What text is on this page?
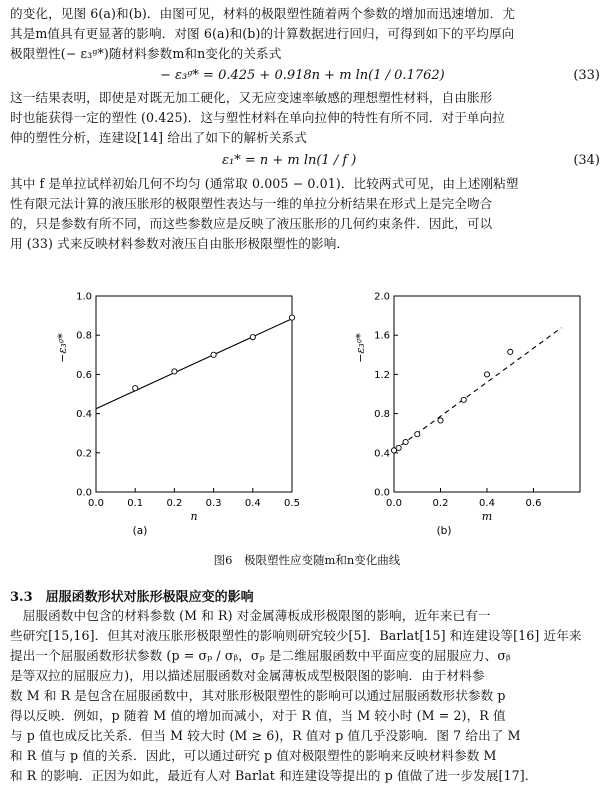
的变化，见图 6(a)和(b)．由图可见，材料的极限塑性随着两个参数的增加而迅速增加．尤
其是m值具有更显著的影响．对图 6(a)和(b)的计算数据进行回归，可得到如下的平均厚向
极限塑性(− ε₃ᵍ*)随材料参数m和n变化的关系式
− ε₃ᵍ* = 0.425 + 0.918n + m ln(1 / 0.1762)	(33)
这一结果表明，即使是对既无加工硬化，又无应变速率敏感的理想塑性材料，自由胀形
时也能获得一定的塑性 (0.425)．这与塑性材料在单向拉伸的特性有所不同．对于单向拉
伸的塑性分析，连建设[14] 给出了如下的解析关系式
ε₁* = n + m ln(1 / f )	(34)
其中 f 是单拉试样初始几何不均匀 (通常取 0.005 − 0.01)．比较两式可见，由上述刚粘塑
性有限元法计算的液压胀形的极限塑性表达与一维的单拉分析结果在形式上是完全吻合
的，只是参数有所不同，而这些参数应是反映了液压胀形的几何约束条件．因此，可以
用 (33) 式来反映材料参数对液压自由胀形极限塑性的影响．
0.0 0.1 0.2 0.3 0.4 0.5
0.0
0.2
0.4
0.6
0.8
1.0
n
−ε₃ᵍ*
(a)
0.0	0.2	0.4	0.6
0.0
0.4
0.8
1.2
1.6
2.0
m
−ε₃ᵍ*
(b)
图6　极限塑性应变随m和n变化曲线
3.3　屈服函数形状对胀形极限应变的影响
　屈服函数中包含的材料参数 (M 和 R) 对金属薄板成形极限图的影响，近年来已有一
些研究[15,16]．但其对液压胀形极限塑性的影响则研究较少[5]．Barlat[15] 和连建设等[16] 近年来
提出一个屈服函数形状参数 (p = σₚ / σᵦ，σₚ 是二维屈服函数中平面应变的屈服应力、σᵦ
是等双拉的屈服应力)，用以描述屈服函数对金属薄板成型极限图的影响．由于材料参
数 M 和 R 是包含在屈服函数中，其对胀形极限塑性的影响可以通过屈服函数形状参数 p
得以反映．例如，p 随着 M 值的增加而减小，对于 R 值，当 M 较小时 (M = 2)，R 值
与 p 值也成反比关系．但当 M 较大时 (M ≥ 6)，R 值对 p 值几乎没影响．图 7 给出了 M
和 R 值与 p 值的关系．因此，可以通过研究 p 值对极限塑性的影响来反映材料参数 M
和 R 的影响．正因为如此，最近有人对 Barlat 和连建设等提出的 p 值做了进一步发展[17]．
